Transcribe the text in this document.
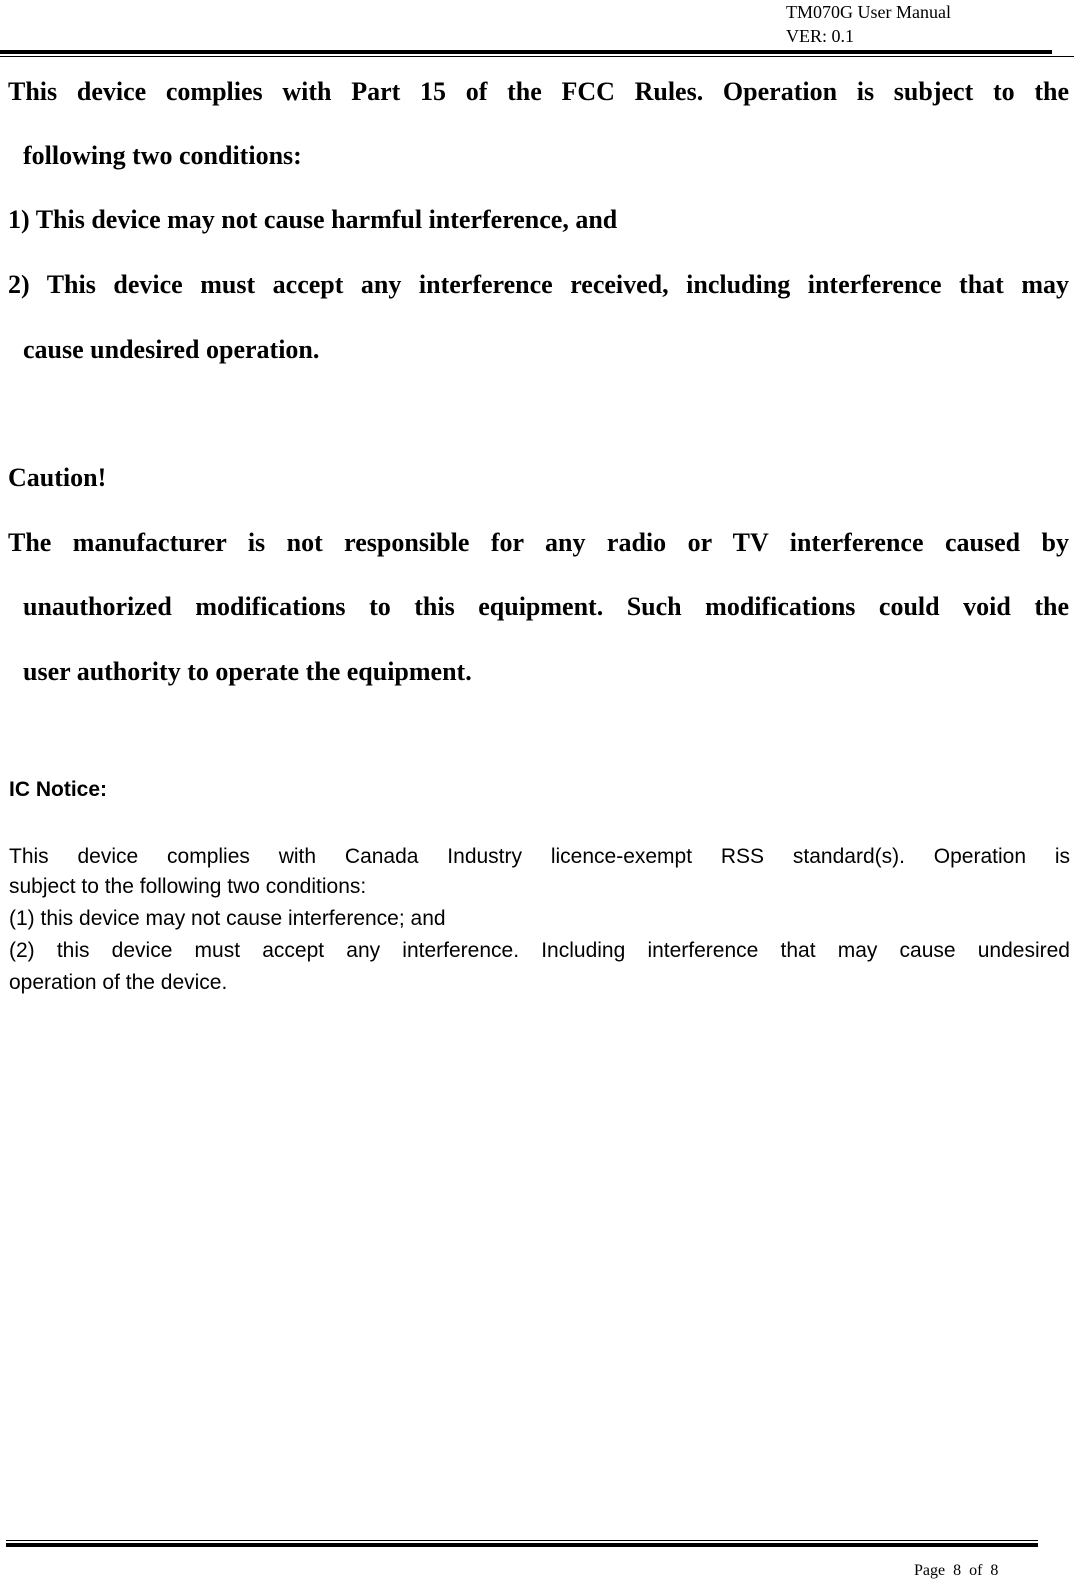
TM070G User Manual
VER: 0.1
This device complies with Part 15 of the FCC Rules. Operation is subject to the
following two conditions:
1) This device may not cause harmful interference, and
2) This device must accept any interference received, including interference that may
cause undesired operation.
Caution!
The manufacturer is not responsible for any radio or TV interference caused by
unauthorized modifications to this equipment. Such modifications could void the
user authority to operate the equipment.
IC Notice:
This device complies with Canada Industry licence-exempt RSS standard(s). Operation is
subject to the following two conditions:
(1) this device may not cause interference; and
(2) this device must accept any interference. Including interference that may cause undesired
operation of the device.
Page 8 of 8
